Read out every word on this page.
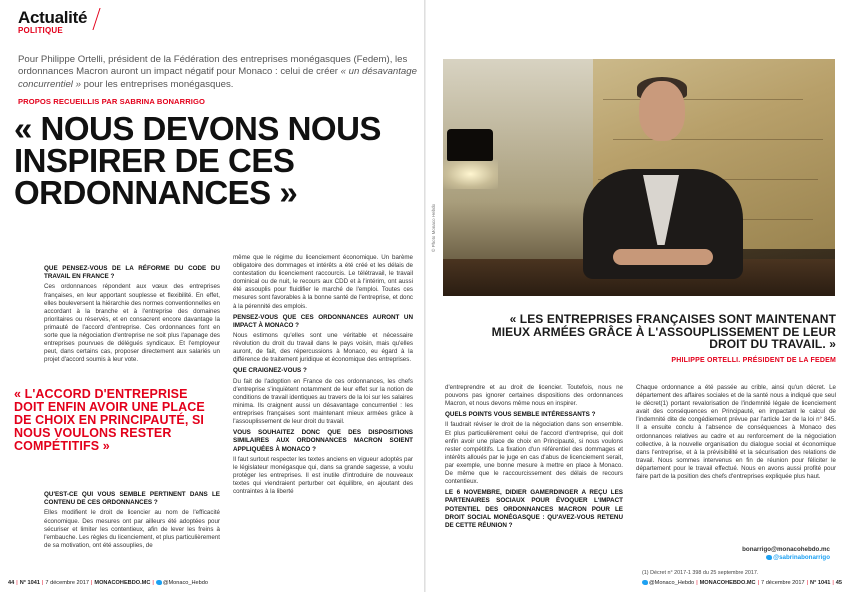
Actualité
POLITIQUE
Pour Philippe Ortelli, président de la Fédération des entreprises monégasques (Fedem), les ordonnances Macron auront un impact négatif pour Monaco : celui de créer « un désavantage concurrentiel » pour les entreprises monégasques.
PROPOS RECUEILLIS PAR SABRINA BONARRIGO
« NOUS DEVONS NOUS INSPIRER DE CES ORDONNANCES »

QUE PENSEZ-VOUS DE LA RÉFORME DU CODE DU TRAVAIL EN FRANCE ?

Ces ordonnances répondent aux vœux des entreprises françaises, en leur apportant souplesse et flexibilité. En effet, elles bouleversent la hiérarchie des normes conventionnelles en accordant à la branche et à l'entreprise des domaines prioritaires ou réservés, et en consacrent encore davantage la primauté de l'accord d'entreprise. Ces ordonnances font en sorte que la négociation d'entreprise ne soit plus l'apanage des entreprises pourvues de délégués syndicaux. Et l'employeur peut, dans certains cas, proposer directement aux salariés un projet d'accord soumis à leur vote.

« L'ACCORD D'ENTREPRISE DOIT ENFIN AVOIR UNE PLACE DE CHOIX EN PRINCIPAUTÉ, SI NOUS VOULONS RESTER COMPÉTITIFS »

QU'EST-CE QUI VOUS SEMBLE PERTINENT DANS LE CONTENU DE CES ORDONNANCES ?

Elles modifient le droit de licencier au nom de l'efficacité économique. Des mesures ont par ailleurs été adoptées pour sécuriser et limiter les contentieux, afin de lever les freins à l'embauche. Les règles du licenciement, et plus particulièrement de sa motivation, ont été assouplies, de

même que le régime du licenciement économique. Un barème obligatoire des dommages et intérêts a été créé et les délais de contestation du licenciement raccourcis. Le télétravail, le travail dominical ou de nuit, le recours aux CDD et à l'intérim, ont aussi été assouplis pour fluidifier le marché de l'emploi. Toutes ces mesures sont favorables à la bonne santé de l'entreprise, et donc à la pérennité des emplois.

PENSEZ-VOUS QUE CES ORDONNANCES AURONT UN IMPACT À MONACO ?

Nous estimons qu'elles sont une véritable et nécessaire révolution du droit du travail dans le pays voisin, mais qu'elles auront, de fait, des répercussions à Monaco, eu égard à la différence de traitement juridique et économique des entreprises.

QUE CRAIGNEZ-VOUS ?

Du fait de l'adoption en France de ces ordonnances, les chefs d'entreprise s'inquiètent notamment de leur effet sur la notion de conditions de travail identiques au travers de la loi sur les salaires minima. Ils craignent aussi un désavantage concurrentiel : les entreprises françaises sont maintenant mieux armées grâce à l'assouplissement de leur droit du travail.

VOUS SOUHAITEZ DONC QUE DES DISPOSITIONS SIMILAIRES AUX ORDONNANCES MACRON SOIENT APPLIQUÉES À MONACO ?

Il faut surtout respecter les textes anciens en vigueur adoptés par le législateur monégasque qui, dans sa grande sagesse, a voulu protéger les entreprises. Il est inutile d'introduire de nouveaux textes qui viendraient perturber cet équilibre, en ajoutant des contraintes à la liberté

© Photo Monaco Hebdo
« LES ENTREPRISES FRANÇAISES SONT MAINTENANT MIEUX ARMÉES GRÂCE À L'ASSOUPLISSEMENT DE LEUR DROIT DU TRAVAIL. »
PHILIPPE ORTELLI. PRÉSIDENT DE LA FEDEM

d'entreprendre et au droit de licencier. Toutefois, nous ne pouvons pas ignorer certaines dispositions des ordonnances Macron, et nous devons même nous en inspirer.

QUELS POINTS VOUS SEMBLE INTÉRESSANTS ?

Il faudrait réviser le droit de la négociation dans son ensemble. Et plus particulièrement celui de l'accord d'entreprise, qui doit enfin avoir une place de choix en Principauté, si nous voulons rester compétitifs. La fixation d'un référentiel des dommages et intérêts alloués par le juge en cas d'abus de licenciement serait, par exemple, une bonne mesure à mettre en place à Monaco. De même que le raccourcissement des délais de recours contentieux.

LE 6 NOVEMBRE, DIDIER GAMERDINGER A REÇU LES PARTENAIRES SOCIAUX POUR ÉVOQUER L'IMPACT POTENTIEL DES ORDONNANCES MACRON POUR LE DROIT SOCIAL MONÉGASQUE : QU'AVEZ-VOUS RETENU DE CETTE RÉUNION ?

Chaque ordonnance a été passée au crible, ainsi qu'un décret. Le département des affaires sociales et de la santé nous a indiqué que seul le décret(1) portant revalorisation de l'indemnité légale de licenciement avait des conséquences en Principauté, en impactant le calcul de l'indemnité dite de congédiement prévue par l'article 1er de la loi n° 845. Il a ensuite conclu à l'absence de conséquences à Monaco des ordonnances relatives au cadre et au renforcement de la négociation collective, à la nouvelle organisation du dialogue social et économique dans l'entreprise, et à la prévisibilité et la sécurisation des relations de travail. Nous sommes intervenus en fin de réunion pour féliciter le département pour le travail effectué. Nous en avons aussi profité pour faire part de la position des chefs d'entreprises expliquée plus haut.

bonarrigo@monacohebdo.mc
@sabrinabonarrigo
(1) Décret n° 2017-1 398 du 25 septembre 2017.
44 | N° 1041 | 7 décembre 2017 | MONACOHEBDO.MC | @Monaco_Hebdo	@Monaco_Hebdo | MONACOHEBDO.MC | 7 décembre 2017 | N° 1041 | 45
